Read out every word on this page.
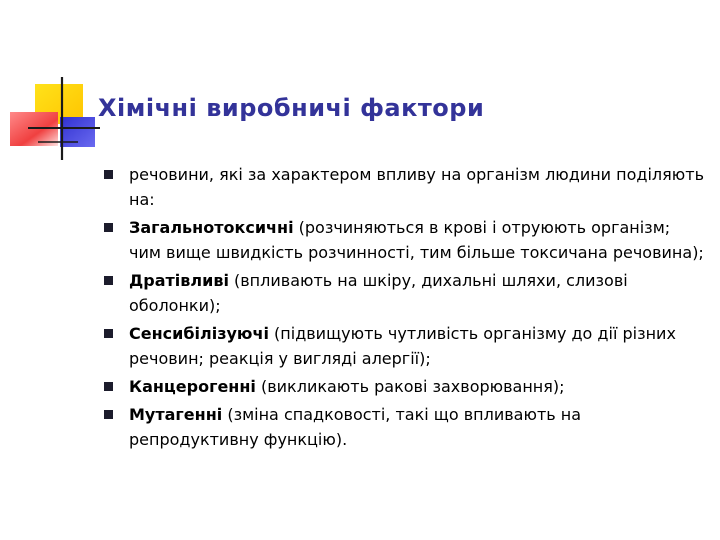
Хімічні виробничі фактори
речовини, які за характером впливу на організм людини поділяють на:
Загальнотоксичні (розчиняються в крові і отруюють організм; чим вище швидкість розчинності, тим більше токсичана речовина);
Дратівливі (впливають на шкіру, дихальні шляхи, слизові оболонки);
Сенсибілізуючі (підвищують чутливість організму до дії різних речовин; реакція у вигляді алергії);
Канцерогенні (викликають ракові захворювання);
Мутагенні (зміна спадковості, такі що впливають на репродуктивну функцію).
